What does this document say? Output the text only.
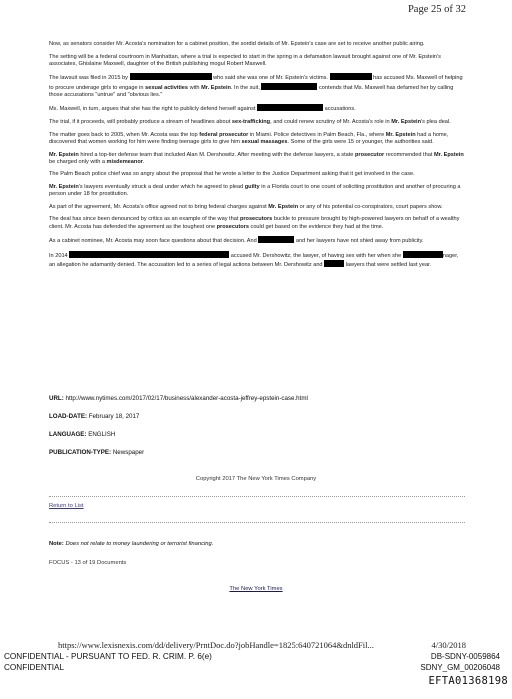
Page 25 of 32

Now, as senators consider Mr. Acosta's nomination for a cabinet position, the sordid details of Mr. Epstein's case are set to receive another public airing.

The setting will be a federal courtroom in Manhattan, where a trial is expected to start in the spring in a defamation lawsuit brought against one of Mr. Epstein's associates, Ghislaine Maxwell, daughter of the British publishing mogul Robert Maxwell.

The lawsuit was filed in 2015 by	who said she was one of Mr. Epstein's victims.	has accused Ms. Maxwell of helping to procure underage girls to engage in sexual activities with Mr. Epstein. In the suit,	contends that Ms. Maxwell has defamed her by calling those accusations "untrue" and "obvious lies."

Ms. Maxwell, in turn, argues that she has the right to publicly defend herself against	accusations.

The trial, if it proceeds, will probably produce a stream of headlines about sex-trafficking, and could renew scrutiny of Mr. Acosta's role in Mr. Epstein's plea deal.

The matter goes back to 2005, when Mr. Acosta was the top federal prosecutor in Miami. Police detectives in Palm Beach, Fla., where Mr. Epstein had a home, discovered that women working for him were finding teenage girls to give him sexual massages. Some of the girls were 15 or younger, the authorities said.

Mr. Epstein hired a top-tier defense team that included Alan M. Dershowitz. After meeting with the defense lawyers, a state prosecutor recommended that Mr. Epstein be charged only with a misdemeanor.

The Palm Beach police chief was so angry about the proposal that he wrote a letter to the Justice Department asking that it get involved in the case.

Mr. Epstein's lawyers eventually struck a deal under which he agreed to plead guilty in a Florida court to one count of soliciting prostitution and another of procuring a person under 18 for prostitution.

As part of the agreement, Mr. Acosta's office agreed not to bring federal charges against Mr. Epstein or any of his potential co-conspirators, court papers show.

The deal has since been denounced by critics as an example of the way that prosecutors buckle to pressure brought by high-powered lawyers on behalf of a wealthy client. Mr. Acosta has defended the agreement as the toughest one prosecutors could get based on the evidence they had at the time.

As a cabinet nominee, Mr. Acosta may soon face questions about that decision. And	and her lawyers have not shied away from publicity.

In 2014	accused Mr. Dershowitz, the lawyer, of having sex with her when she	nager, an allegation he adamantly denied. The accusation led to a series of legal actions between Mr. Dershowitz and	lawyers that were settled last year.

URL: http://www.nytimes.com/2017/02/17/business/alexander-acosta-jeffrey-epstein-case.html
LOAD-DATE: February 18, 2017
LANGUAGE: ENGLISH
PUBLICATION-TYPE: Newspaper
Copyright 2017 The New York Times Company
Return to List
Note: Does not relate to money laundering or terrorist financing.
FOCUS - 13 of 19 Documents
The New York Times
https://www.lexisnexis.com/dd/delivery/PrntDoc.do?jobHandle=1825:640721064&dnldFil...	4/30/2018
CONFIDENTIAL - PURSUANT TO FED. R. CRIM. P. 6(e)
CONFIDENTIAL
DB-SDNY-0059864
SDNY_GM_00206048
EFTA01368198
